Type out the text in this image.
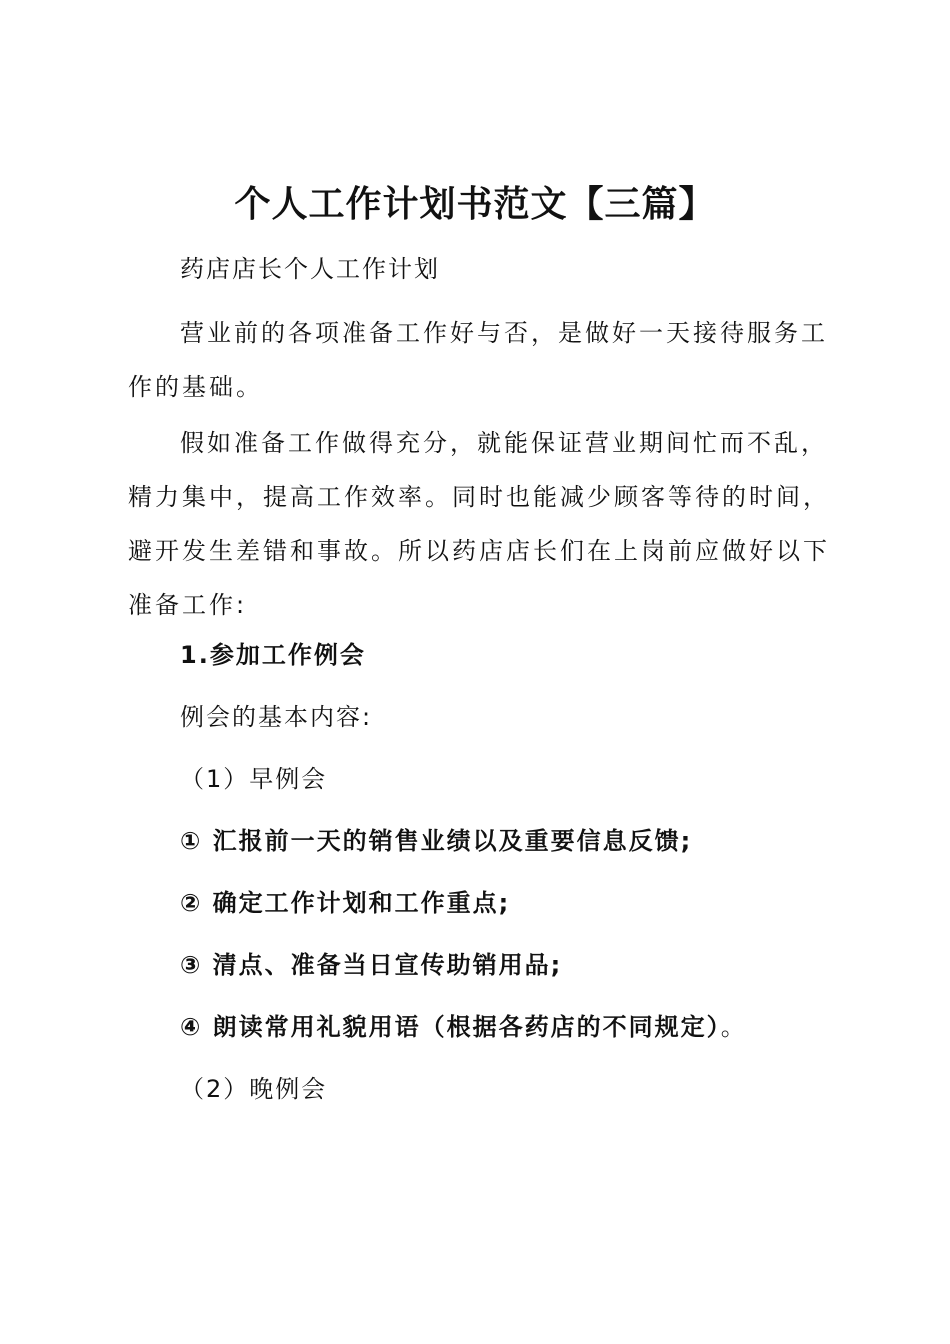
个人工作计划书范文【三篇】

药店店长个人工作计划

营业前的各项准备工作好与否，是做好一天接待服务工作的基础。

假如准备工作做得充分，就能保证营业期间忙而不乱，精力集中，提高工作效率。同时也能减少顾客等待的时间，避开发生差错和事故。所以药店店长们在上岗前应做好以下准备工作:

1.参加工作例会

例会的基本内容:

（1）早例会

① 汇报前一天的销售业绩以及重要信息反馈;

② 确定工作计划和工作重点;

③ 清点、准备当日宣传助销用品;

④ 朗读常用礼貌用语（根据各药店的不同规定）。

（2）晚例会
